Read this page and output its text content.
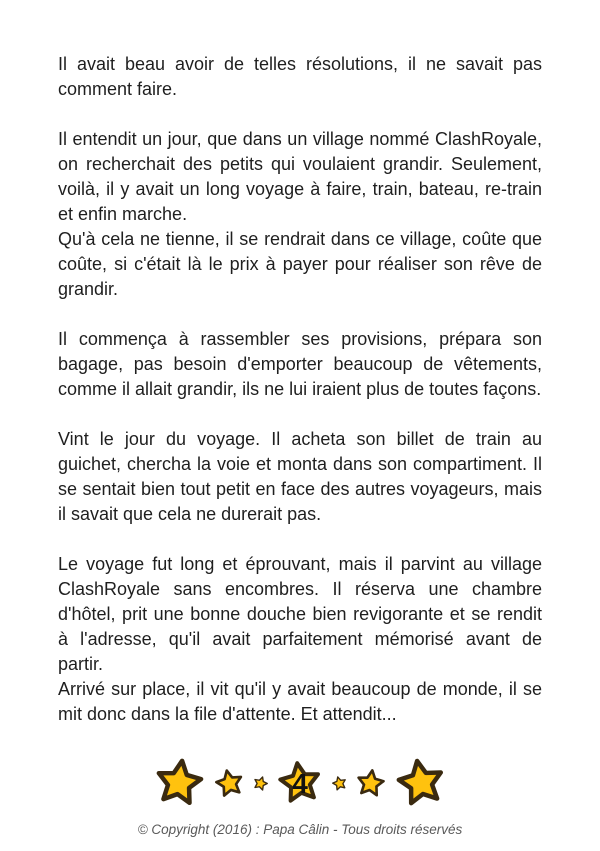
Il avait beau avoir de telles résolutions, il ne savait pas comment faire.

Il entendit un jour, que dans un village nommé ClashRoyale, on recherchait des petits qui voulaient grandir. Seulement, voilà, il y avait un long voyage à faire, train, bateau, re-train et enfin marche.

Qu'à cela ne tienne, il se rendrait dans ce village, coûte que coûte, si c'était là le prix à payer pour réaliser son rêve de grandir.

Il commença à rassembler ses provisions, prépara son bagage, pas besoin d'emporter beaucoup de vêtements, comme il allait grandir, ils ne lui iraient plus de toutes façons.

Vint le jour du voyage. Il acheta son billet de train au guichet, chercha la voie et monta dans son compartiment. Il se sentait bien tout petit en face des autres voyageurs, mais il savait que cela ne durerait pas.

Le voyage fut long et éprouvant, mais il parvint au village ClashRoyale sans encombres. Il réserva une chambre d'hôtel, prit une bonne douche bien revigorante et se rendit à l'adresse, qu'il avait parfaitement mémorisé avant de partir.

Arrivé sur place, il vit qu'il y avait beaucoup de monde, il se mit donc dans la file d'attente. Et attendit...

4
© Copyright (2016) : Papa Câlin - Tous droits réservés
